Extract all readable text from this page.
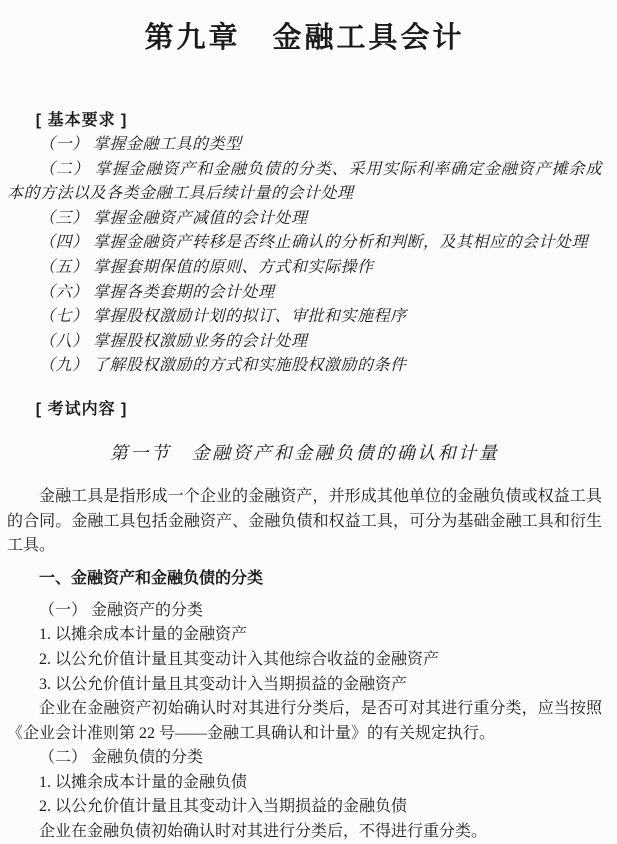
第九章　金融工具会计
[ 基本要求 ]

（一） 掌握金融工具的类型

（二） 掌握金融资产和金融负债的分类、采用实际利率确定金融资产摊余成本的方法以及各类金融工具后续计量的会计处理

（三） 掌握金融资产减值的会计处理

（四） 掌握金融资产转移是否终止确认的分析和判断，及其相应的会计处理

（五） 掌握套期保值的原则、方式和实际操作

（六） 掌握各类套期的会计处理

（七） 掌握股权激励计划的拟订、审批和实施程序

（八） 掌握股权激励业务的会计处理

（九） 了解股权激励的方式和实施股权激励的条件

[ 考试内容 ]
第一节　金融资产和金融负债的确认和计量

金融工具是指形成一个企业的金融资产，并形成其他单位的金融负债或权益工具的合同。金融工具包括金融资产、金融负债和权益工具，可分为基础金融工具和衍生工具。

一、金融资产和金融负债的分类

（一） 金融资产的分类

1. 以摊余成本计量的金融资产

2. 以公允价值计量且其变动计入其他综合收益的金融资产

3. 以公允价值计量且其变动计入当期损益的金融资产

企业在金融资产初始确认时对其进行分类后，是否可对其进行重分类，应当按照《企业会计准则第 22 号——金融工具确认和计量》的有关规定执行。

（二） 金融负债的分类

1. 以摊余成本计量的金融负债

2. 以公允价值计量且其变动计入当期损益的金融负债

企业在金融负债初始确认时对其进行分类后，不得进行重分类。
